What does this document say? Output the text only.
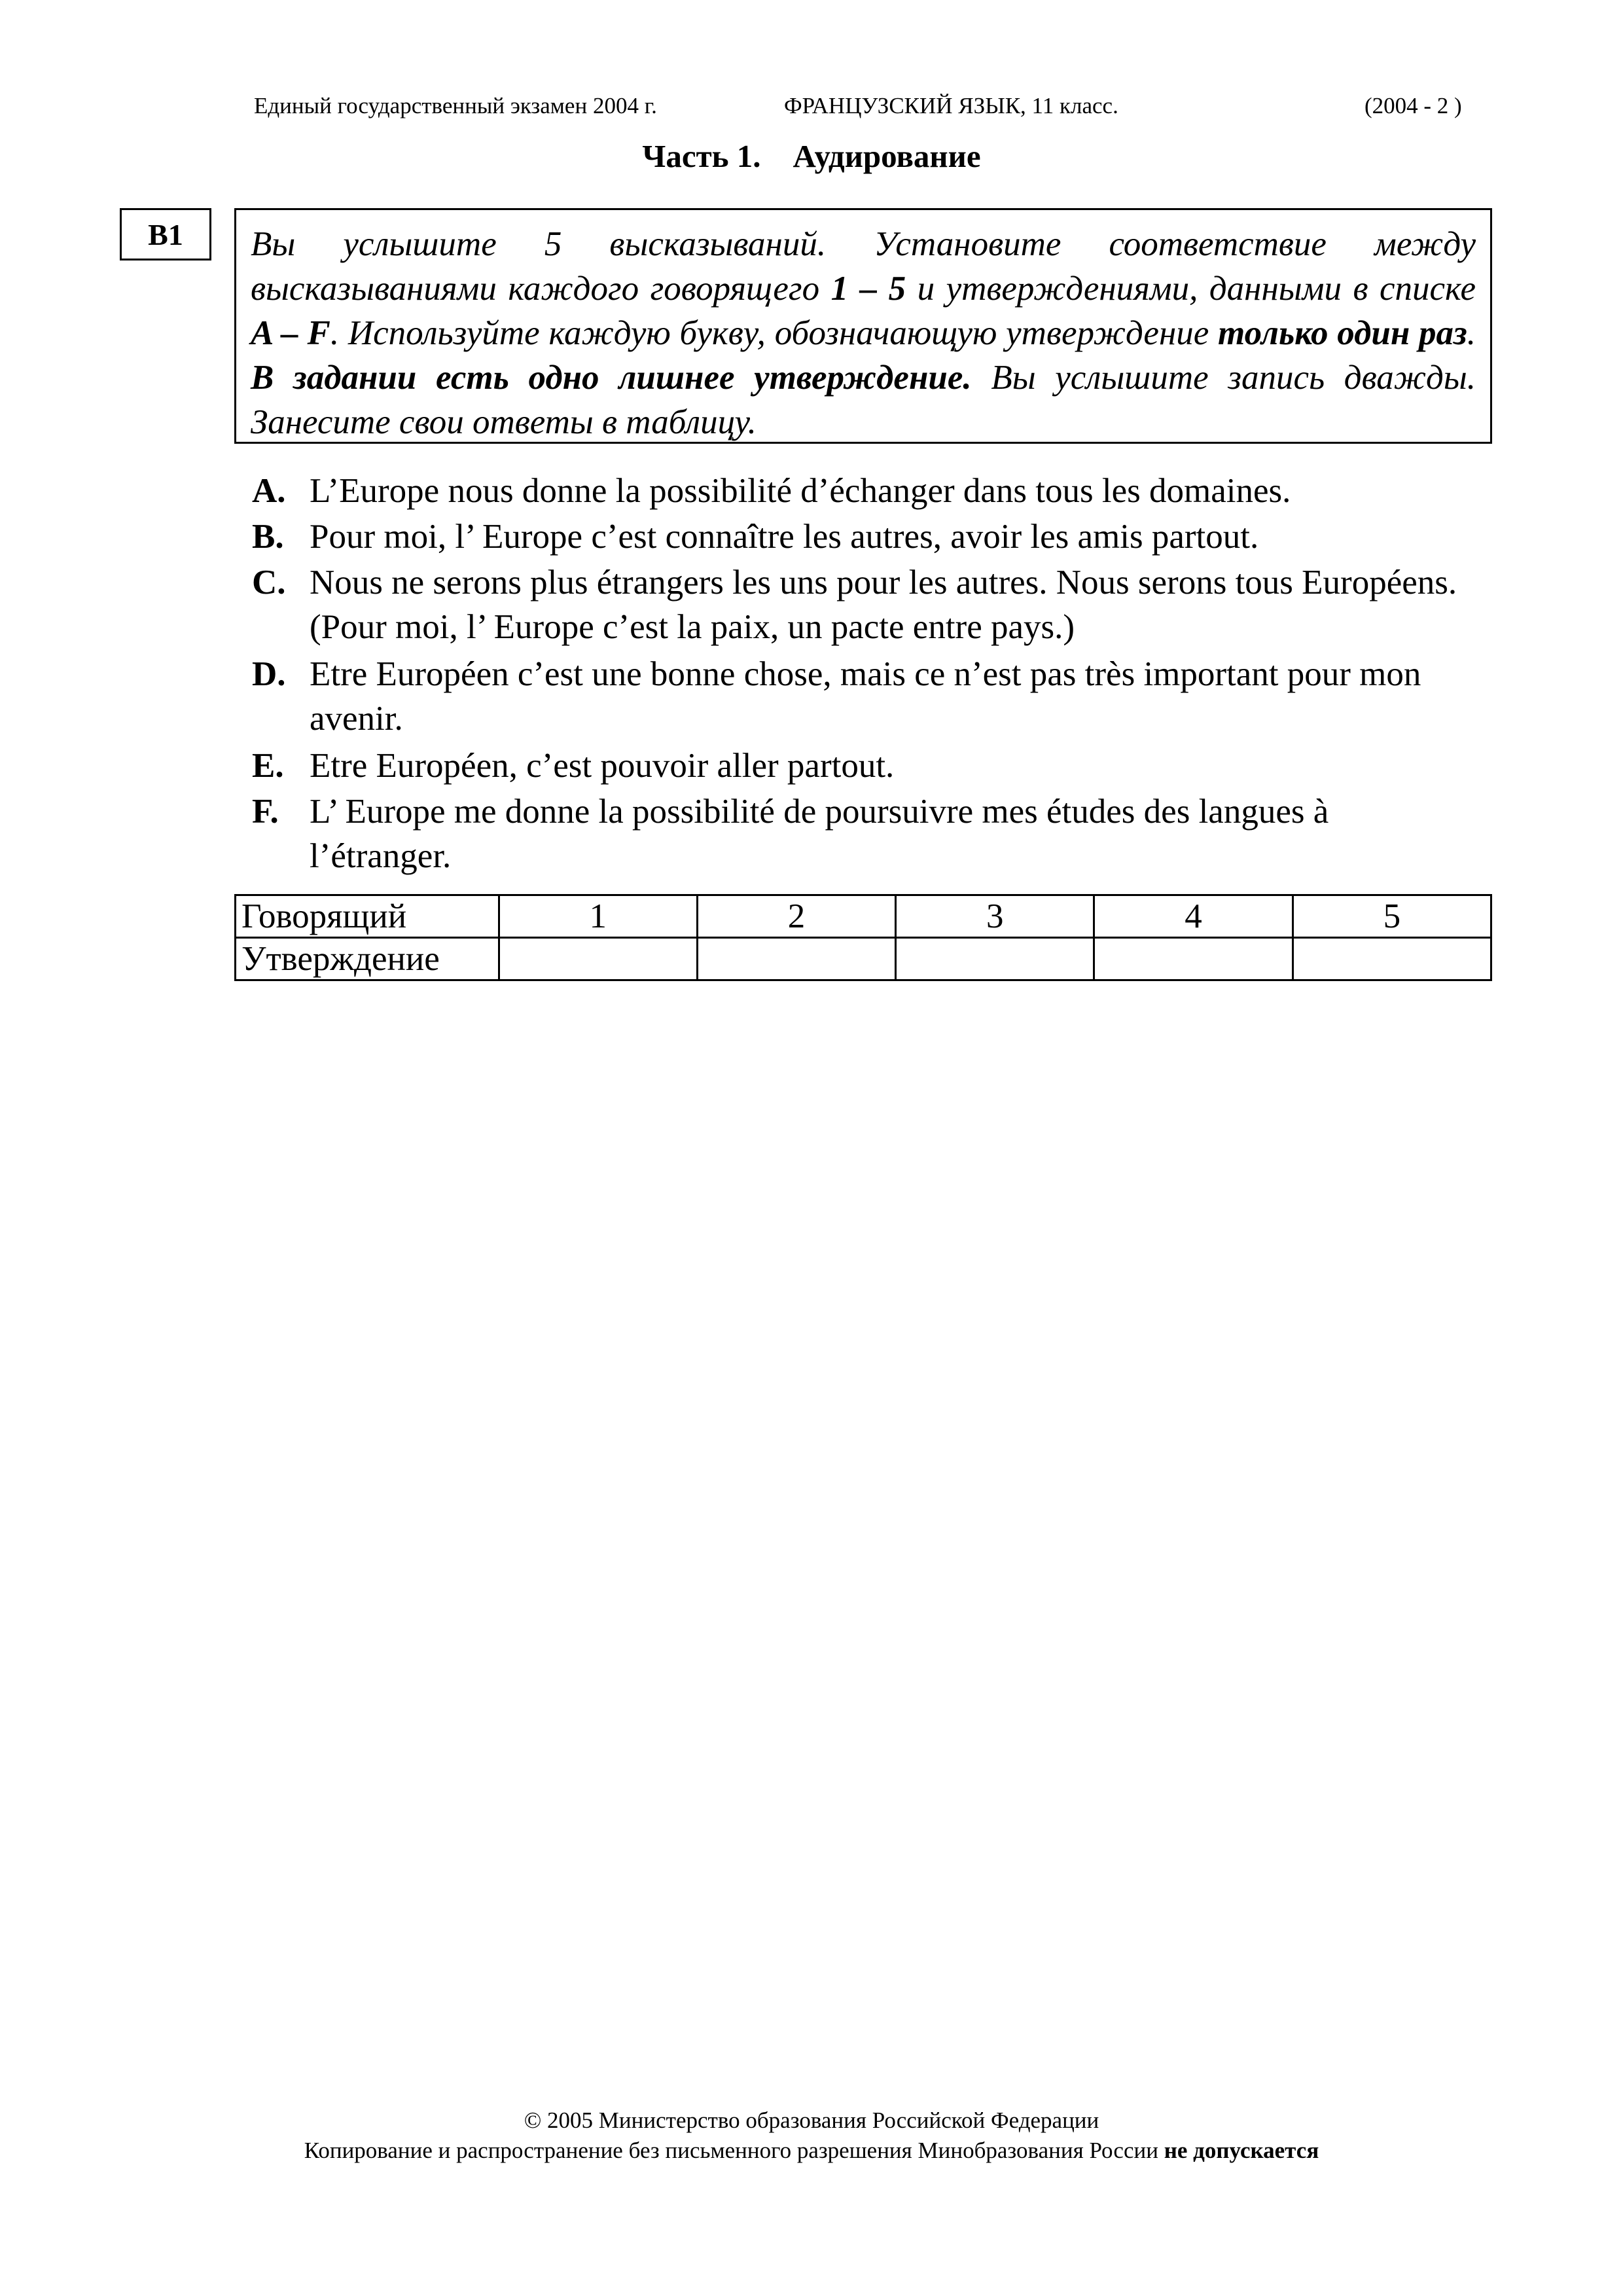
Единый государственный экзамен 2004 г.	ФРАНЦУЗСКИЙ ЯЗЫК, 11 класс.	(2004 - 2 )
Часть 1.    Аудирование
B1	Вы услышите 5 высказываний. Установите соответствие между высказываниями каждого говорящего 1 – 5 и утверждениями, данными в списке A – F. Используйте каждую букву, обозначающую утверждение только один раз. В задании есть одно лишнее утверждение. Вы услышите запись дважды. Занесите свои ответы в таблицу.
A. L’Europe nous donne la possibilité d’échanger dans tous les domaines.
B. Pour moi, l’ Europe c’est connaître les autres, avoir les amis partout.
C. Nous ne serons plus étrangers les uns pour les autres. Nous serons tous Européens. (Pour moi, l’ Europe c’est la paix, un pacte entre pays.)
D. Etre Européen c’est une bonne chose, mais ce n’est pas très important pour mon avenir.
E. Etre Européen, c’est pouvoir aller partout.
F. L’ Europe me donne la possibilité de poursuivre mes études des langues à l’étranger.
Говорящий	1	2	3	4	5
Утверждение					
© 2005 Министерство образования Российской Федерации
Копирование и распространение без письменного разрешения Минобразования России не допускается
